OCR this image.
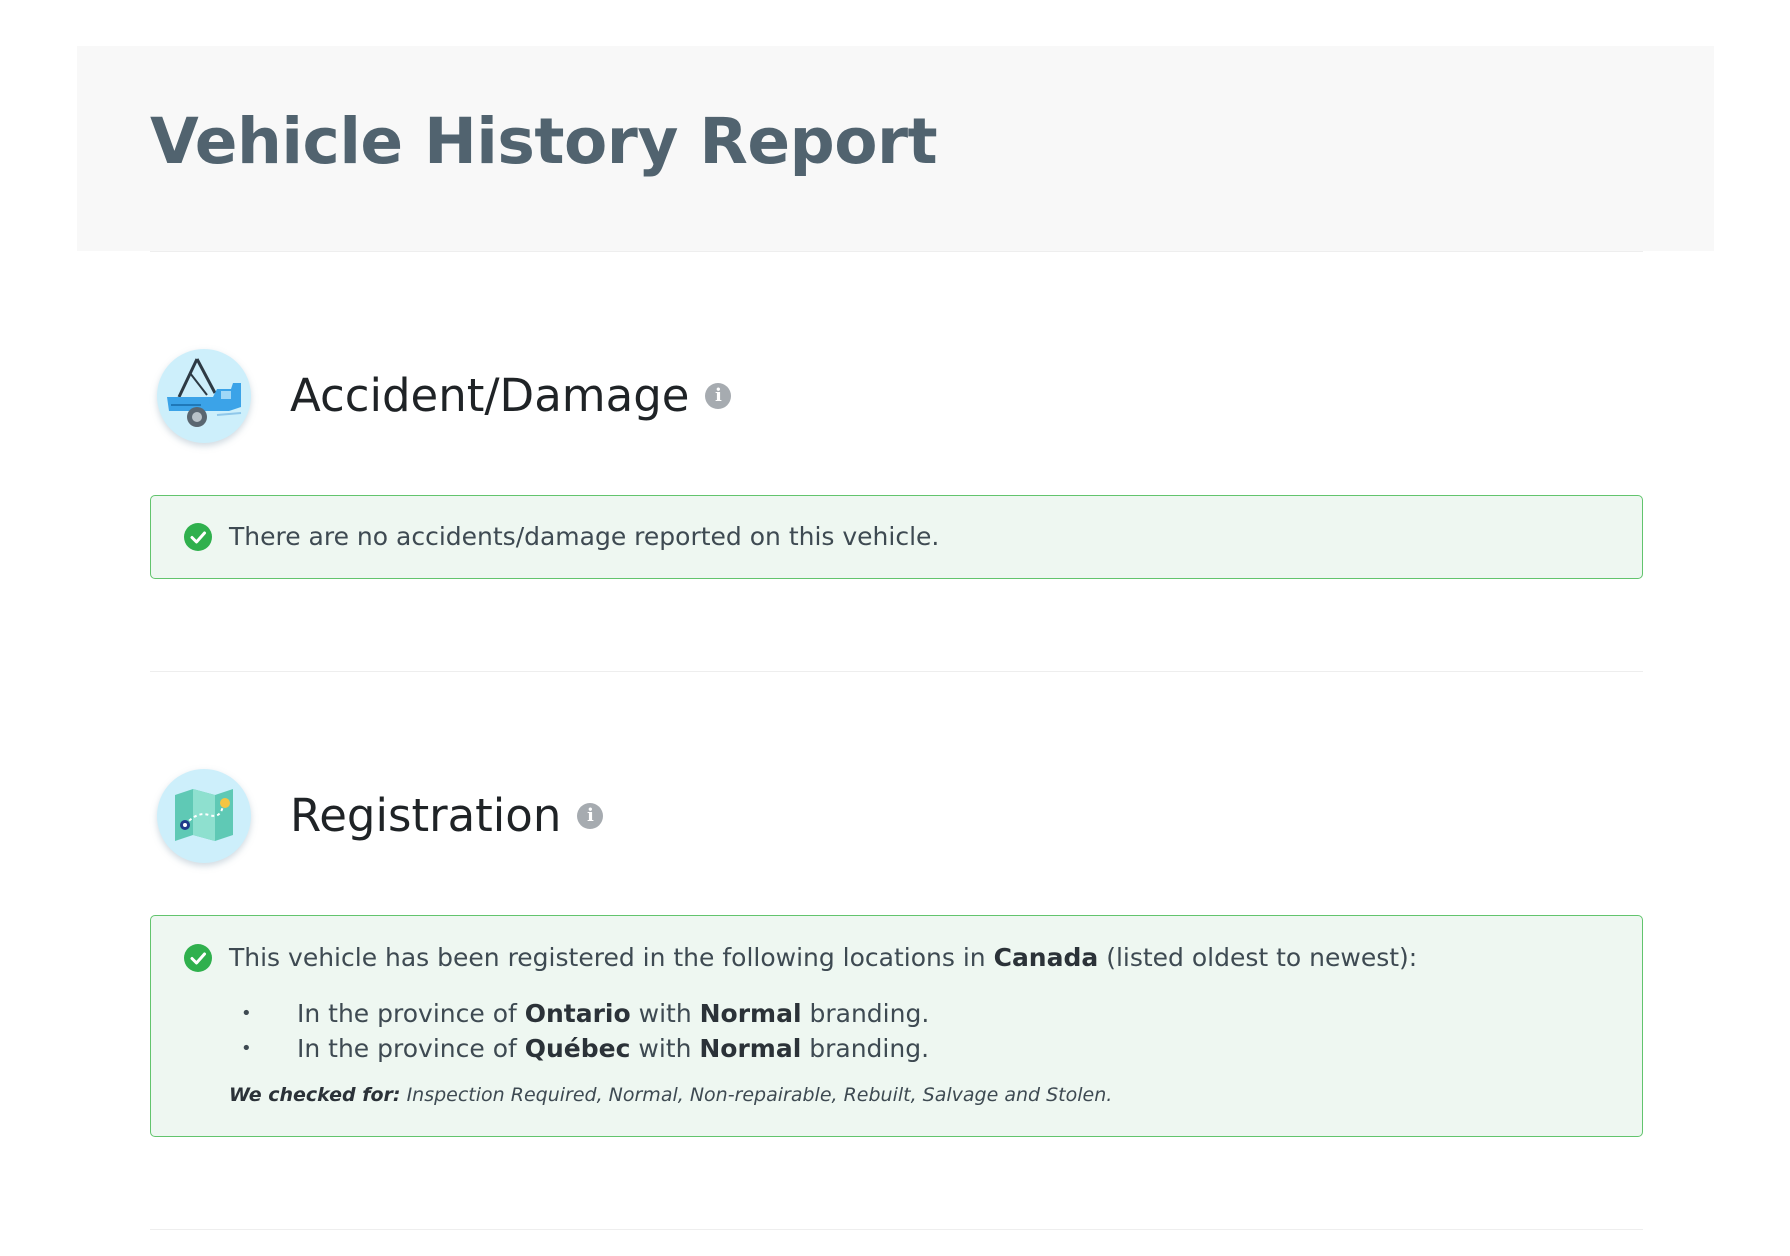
Vehicle History Report
Accident/Damage	i
There are no accidents/damage reported on this vehicle.
Registration	i
This vehicle has been registered in the following locations in Canada (listed oldest to newest):
• In the province of Ontario with Normal branding.
• In the province of Québec with Normal branding.
We checked for: Inspection Required, Normal, Non-repairable, Rebuilt, Salvage and Stolen.
